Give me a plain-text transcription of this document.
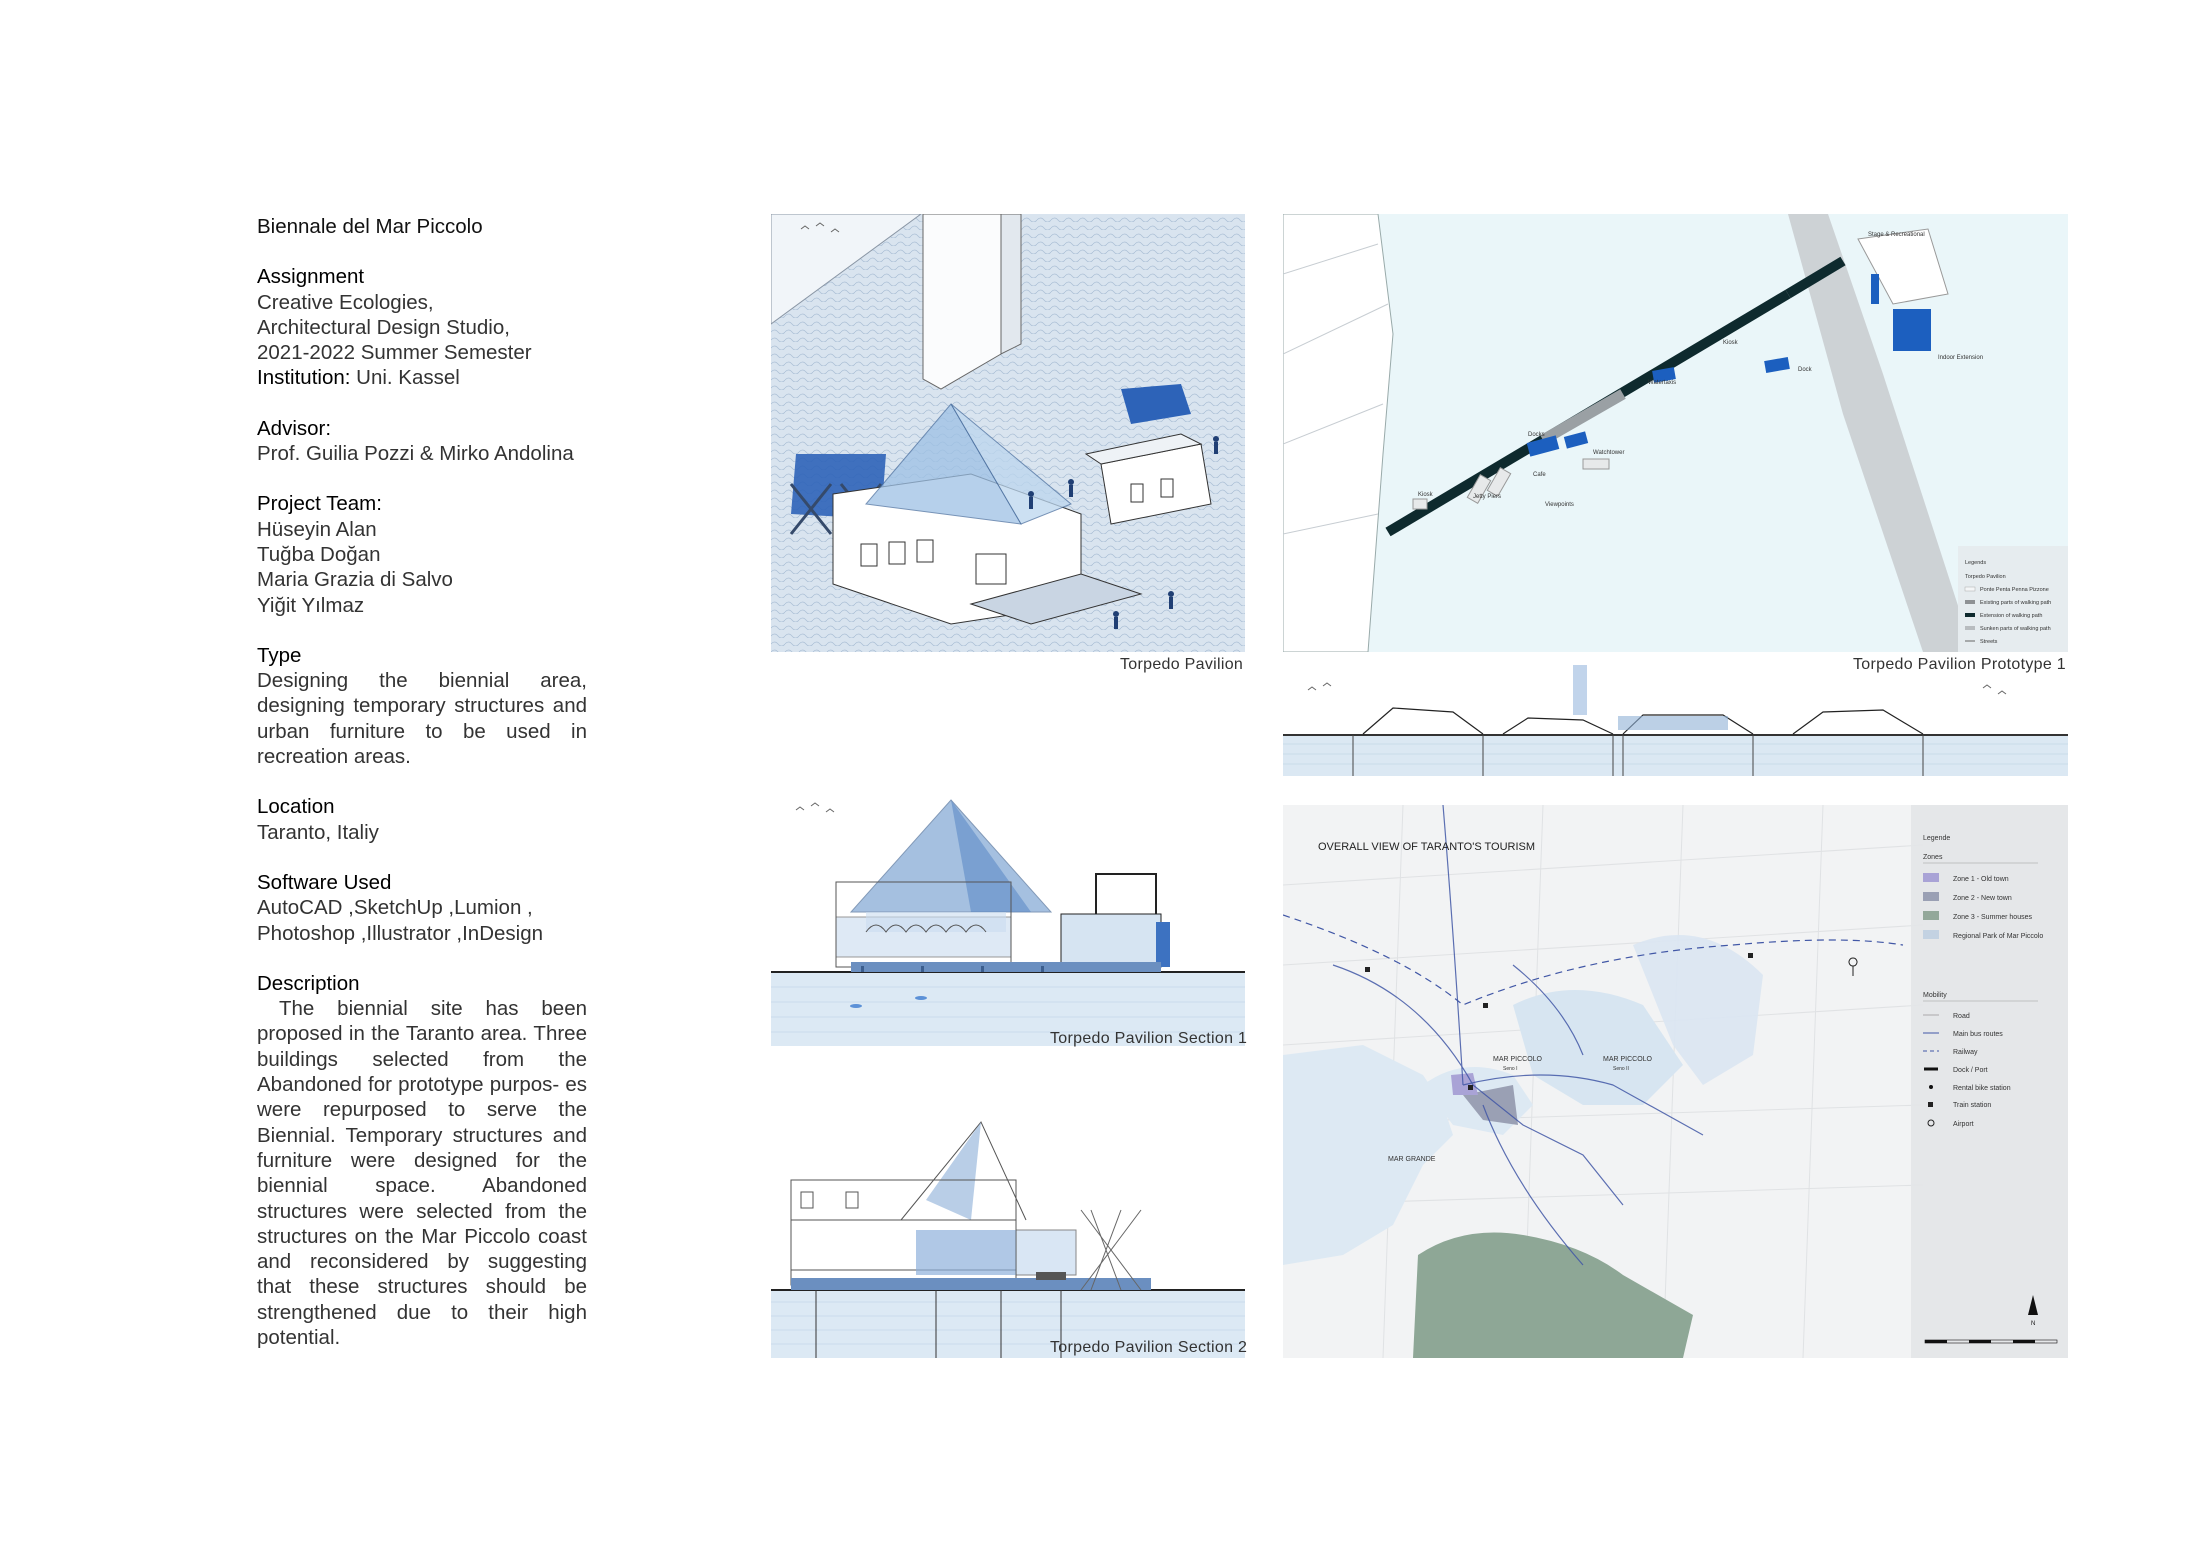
Biennale del Mar Piccolo

Assignment

Creative Ecologies,

Architectural Design Studio,

2021-2022 Summer Semester

Institution: Uni. Kassel

Advisor:

Prof. Guilia Pozzi & Mirko Andolina

Project Team:

Hüseyin Alan

Tuğba Doğan

Maria Grazia di Salvo

Yiğit Yılmaz

Type

Designing the biennial area, designing temporary structures and urban furniture to be used in recreation areas.

Location

Taranto, Italiy

Software Used

AutoCAD ,SketchUp ,Lumion ,

Photoshop ,Illustrator ,InDesign

Description

The biennial site has been proposed in the Taranto area. Three buildings selected from the Abandoned for prototype purpos- es were repurposed to serve the Biennial. Temporary structures and furniture were designed for the biennial space. Abandoned structures were selected from the structures on the Mar Piccolo coast and reconsidered by suggesting that these structures should be strengthened due to their high potential.

Torpedo Pavilion
Stage & Recreational
Indoor Extension
Kiosk
Watertaxis
Dock
Docks
Watchtower
Kiosk	Jetty Piers
Cafe
Viewpoints
Legends
Torpedo Pavilion
Ponte Penta Penna Pizzone
Existing parts of walking path
Extension of walking path
Sunken parts of walking path
Streets
Torpedo Pavilion Prototype 1
Torpedo Pavilion Section 1
Torpedo Pavilion Section 2
OVERALL VIEW OF TARANTO'S TOURISM
MAR PICCOLO
Seno I
MAR PICCOLO
Seno II
MAR GRANDE
Legende
Zones
Zone 1 - Old town
Zone 2 - New town
Zone 3 - Summer houses
Regional Park of Mar Piccolo
Mobility
Road
Main bus routes
Railway
Dock / Port
Rental bike station
Train station
Airport
N
